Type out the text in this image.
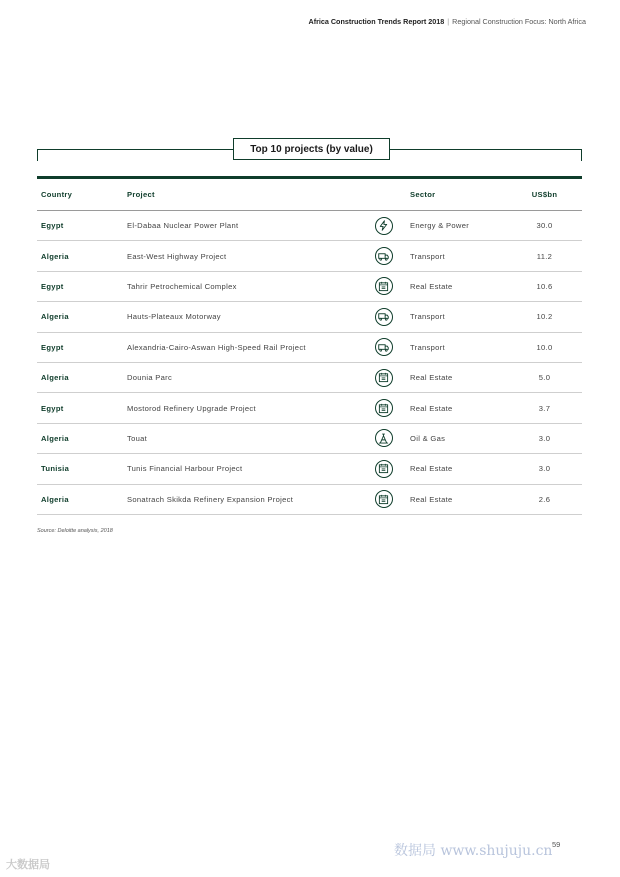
Africa Construction Trends Report 2018 | Regional Construction Focus: North Africa
Top 10 projects (by value)
Country	Project	Sector	US$bn
Egypt	El-Dabaa Nuclear Power Plant	Energy & Power	30.0
Algeria	East-West Highway Project	Transport	11.2
Egypt	Tahrir Petrochemical Complex	Real Estate	10.6
Algeria	Hauts-Plateaux Motorway	Transport	10.2
Egypt	Alexandria-Cairo-Aswan High-Speed Rail Project	Transport	10.0
Algeria	Dounia Parc	Real Estate	5.0
Egypt	Mostorod Refinery Upgrade Project	Real Estate	3.7
Algeria	Touat	Oil & Gas	3.0
Tunisia	Tunis Financial Harbour Project	Real Estate	3.0
Algeria	Sonatrach Skikda Refinery Expansion Project	Real Estate	2.6
Source: Deloitte analysis, 2018
数据局 www.shujuju.cn 59
大数据局
